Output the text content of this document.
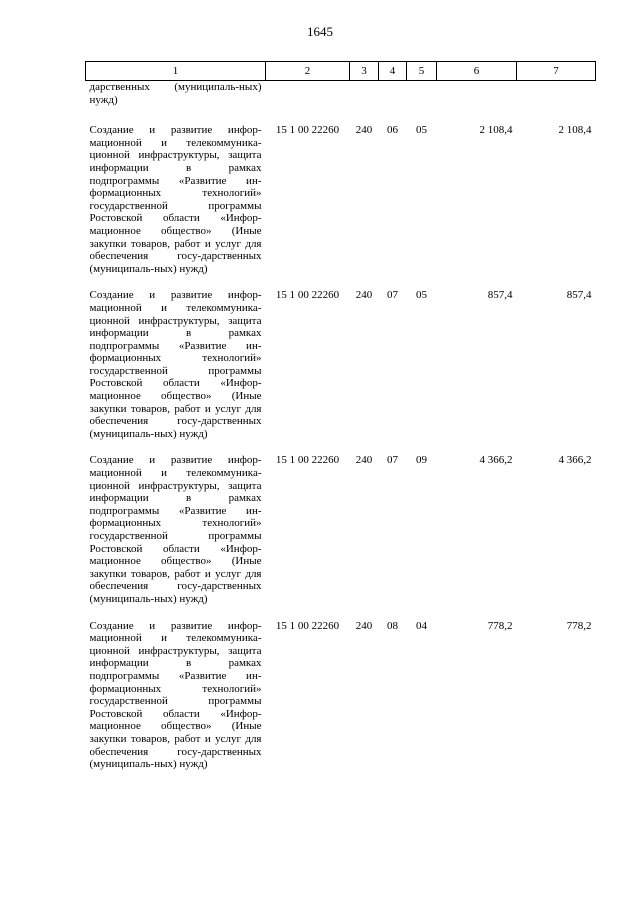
1645
1	2	3	4	5	6	7
дарственных (муниципаль-ных) нужд)						
Создание и развитие инфор-мационной и телекоммуника-ционной инфраструктуры, защита информации в рамках подпрограммы «Развитие ин-формационных технологий» государственной программы Ростовской области «Инфор-мационное общество» (Иные закупки товаров, работ и услуг для обеспечения госу-дарственных (муниципаль-ных) нужд)	15 1 00 22260	240	06	05	2 108,4	2 108,4
Создание и развитие инфор-мационной и телекоммуника-ционной инфраструктуры, защита информации в рамках подпрограммы «Развитие ин-формационных технологий» государственной программы Ростовской области «Инфор-мационное общество» (Иные закупки товаров, работ и услуг для обеспечения госу-дарственных (муниципаль-ных) нужд)	15 1 00 22260	240	07	05	857,4	857,4
Создание и развитие инфор-мационной и телекоммуника-ционной инфраструктуры, защита информации в рамках подпрограммы «Развитие ин-формационных технологий» государственной программы Ростовской области «Инфор-мационное общество» (Иные закупки товаров, работ и услуг для обеспечения госу-дарственных (муниципаль-ных) нужд)	15 1 00 22260	240	07	09	4 366,2	4 366,2
Создание и развитие инфор-мационной и телекоммуника-ционной инфраструктуры, защита информации в рамках подпрограммы «Развитие ин-формационных технологий» государственной программы Ростовской области «Инфор-мационное общество» (Иные закупки товаров, работ и услуг для обеспечения госу-дарственных (муниципаль-ных) нужд)	15 1 00 22260	240	08	04	778,2	778,2
